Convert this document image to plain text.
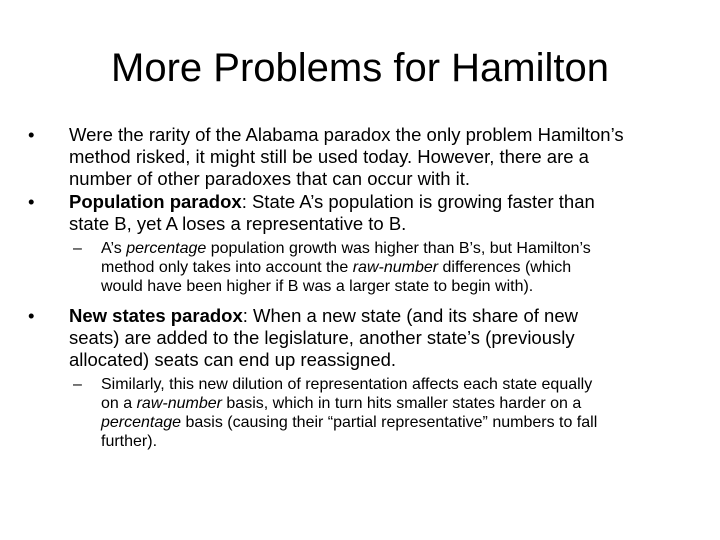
More Problems for Hamilton
• Were the rarity of the Alabama paradox the only problem Hamilton’s
method risked, it might still be used today. However, there are a
number of other paradoxes that can occur with it.
• Population paradox: State A’s population is growing faster than
state B, yet A loses a representative to B.
– A’s percentage population growth was higher than B’s, but Hamilton’s
method only takes into account the raw-number differences (which
would have been higher if B was a larger state to begin with).
• New states paradox: When a new state (and its share of new
seats) are added to the legislature, another state’s (previously
allocated) seats can end up reassigned.
– Similarly, this new dilution of representation affects each state equally
on a raw-number basis, which in turn hits smaller states harder on a
percentage basis (causing their “partial representative” numbers to fall
further).
